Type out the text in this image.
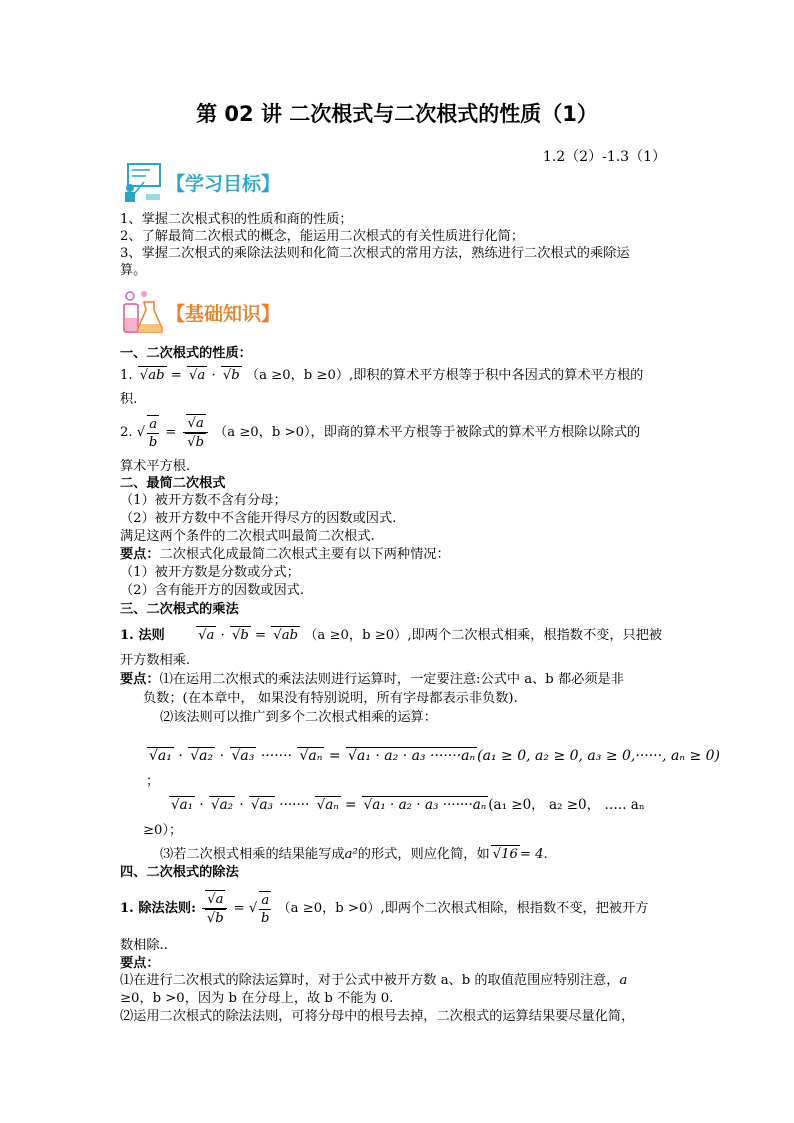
第 02 讲 二次根式与二次根式的性质（1）
1.2（2）-1.3（1）
【学习目标】
1、掌握二次根式积的性质和商的性质；
2、了解最简二次根式的概念，能运用二次根式的有关性质进行化简；
3、掌握二次根式的乘除法法则和化简二次根式的常用方法，熟练进行二次根式的乘除运
算。
【基础知识】
一、二次根式的性质：
1. √ ab = √ a · √ b （a ≥0，b ≥0）,即积的算术平方根等于积中各因式的算术平方根的
积.
2. √ $\frac{a}{b}$ = √ a
√ b （a ≥0，b >0），即商的算术平方根等于被除式的算术平方根除以除式的
算术平方根.
二、最简二次根式
（1）被开方数不含有分母；
（2）被开方数中不含能开得尽方的因数或因式.
满足这两个条件的二次根式叫最简二次根式.
要点：二次根式化成最简二次根式主要有以下两种情况：
（1）被开方数是分数或分式；
（2）含有能开方的因数或因式.
三、二次根式的乘法
1. 法则	√ a · √ b = √ ab （a ≥0，b ≥0）,即两个二次根式相乘，根指数不变，只把被
开方数相乘.
要点：⑴在运用二次根式的乘法法则进行运算时，一定要注意:公式中 a、b 都必须是非
负数；(在本章中， 如果没有特别说明，所有字母都表示非负数).
⑵该法则可以推广到多个二次根式相乘的运算：
√ a₁ · √ a₂ · √ a₃ ······· √ aₙ = √ a₁ · a₂ · a₃ ·······aₙ (a₁ ≥ 0, a₂ ≥ 0, a₃ ≥ 0,······, aₙ ≥ 0)
；
√ a₁ · √ a₂ · √ a₃ ······· √ aₙ = √ a₁ · a₂ · a₃ ·······aₙ (a₁ ≥0， a₂ ≥0， ….. aₙ
≥0）；
⑶若二次根式相乘的结果能写成a²的形式，则应化简，如 √ 16 = 4.
四、二次根式的除法
1. 除法法则: √ a
√ b = √ $\frac{a}{b} (a \ge 0$，b >0）,即两个二次根式相除，根指数不变，把被开方
数相除..
要点：
⑴在进行二次根式的除法运算时，对于公式中被开方数 a、b 的取值范围应特别注意，a
≥0，b >0，因为 b 在分母上，故 b 不能为 0.
⑵运用二次根式的除法法则，可将分母中的根号去掉，二次根式的运算结果要尽量化简，
